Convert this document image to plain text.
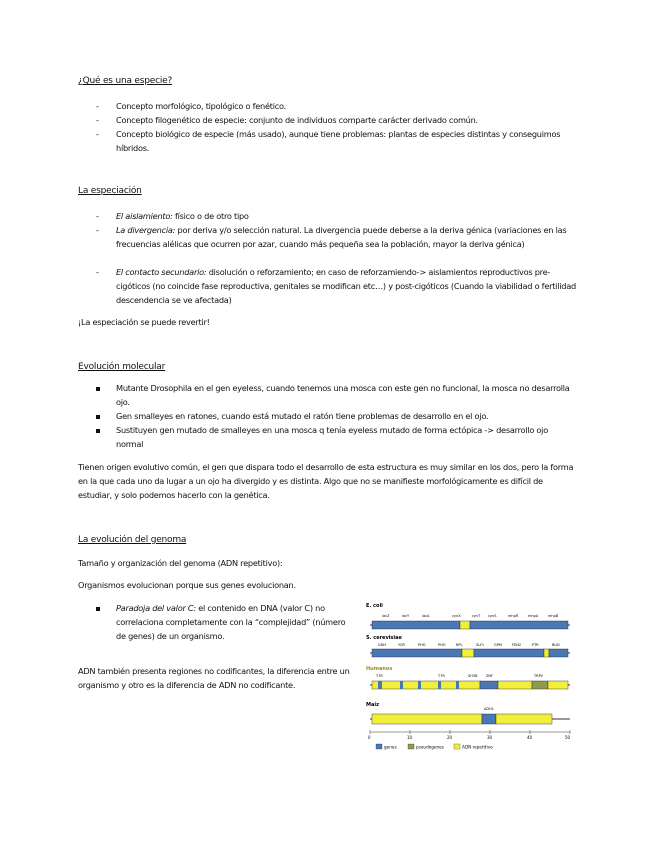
¿Qué es una especie?
- Concepto morfológico, tipológico o fenético.
- Concepto filogenético de especie: conjunto de individuos comparte carácter derivado común.
- Concepto biológico de especie (más usado), aunque tiene problemas: plantas de especies distintas y conseguimos híbridos.
La especiación
- El aislamiento: físico o de otro tipo
- La divergencia: por deriva y/o selección natural. La divergencia puede deberse a la deriva génica (variaciones en las frecuencias alélicas que ocurren por azar, cuando más pequeña sea la población, mayor la deriva génica)
- El contacto secundario: disolución o reforzamiento; en caso de reforzamiendo-> aislamientos reproductivos pre-cigóticos (no coincide fase reproductiva, genitales se modifican etc…) y post-cigóticos (Cuando la viabilidad o fertilidad descendencia se ve afectada)
¡La especiación se puede revertir!
Evolución molecular
Mutante Drosophila en el gen eyeless, cuando tenemos una mosca con este gen no funcional, la mosca no desarrolla ojo.
Gen smalleyes en ratones, cuando está mutado el ratón tiene problemas de desarrollo en el ojo.
Sustituyen gen mutado de smalleyes en una mosca q tenía eyeless mutado de forma ectópica -> desarrollo ojo normal
Tienen origen evolutivo común, el gen que dispara todo el desarrollo de esta estructura es muy similar en los dos, pero la forma en la que cada uno da lugar a un ojo ha divergido y es distinta. Algo que no se manifieste morfológicamente es difícil de estudiar, y solo podemos hacerlo con la genética.
La evolución del genoma
Tamaño y organización del genoma (ADN repetitivo):
Organismos evolucionan porque sus genes evolucionan.
Paradoja del valor C: el contenido en DNA (valor C) no correlaciona completamente con la “complejidad” (número de genes) de un organismo.
ADN también presenta regiones no codificantes, la diferencia entre un organismo y otro es la diferencia de ADN no codificante.
E. coli
lacZ	lacY	lacA	cynX	cynT cynS	mhpR	mhpA	mhpB
S. cerevisiae
GDH	YCR	PHO	PHO	RPL	SLY1	GPM	FEN2	PTR	BUD
Humanos
T7R	T7R	SH3B ZNF	TRPV
Maíz
ADH1
0	10	20	30	40	50
genes	pseudogenes	ADN repetitivo
